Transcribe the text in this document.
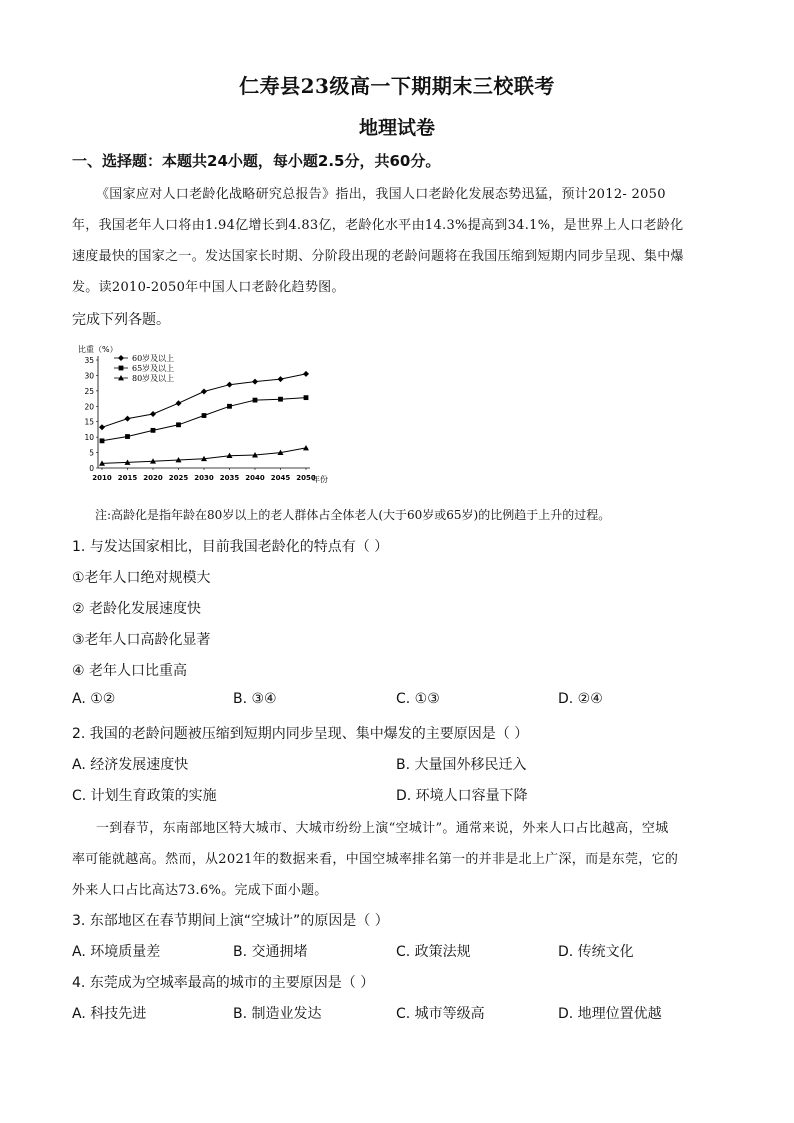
仁寿县23级高一下期期末三校联考
地理试卷
一、选择题：本题共24小题，每小题2.5分，共60分。
《国家应对人口老龄化战略研究总报告》指出，我国人口老龄化发展态势迅猛，预计2012- 2050
年，我国老年人口将由1.94亿增长到4.83亿，老龄化水平由14.3%提高到34.1%，是世界上人口老龄化
速度最快的国家之一。发达国家长时期、分阶段出现的老龄问题将在我国压缩到短期内同步呈现、集中爆
发。读2010-2050年中国人口老龄化趋势图。
完成下列各题。
比重（%）
年份
0
5
10
15
20
25
30
35
2010 2015 2020 2025 2030 2035 2040 2045 2050
60岁及以上
65岁及以上
80岁及以上
注:高龄化是指年龄在80岁以上的老人群体占全体老人(大于60岁或65岁)的比例趋于上升的过程。
1. 与发达国家相比，目前我国老龄化的特点有（ ）
①老年人口绝对规模大
② 老龄化发展速度快
③老年人口高龄化显著
④ 老年人口比重高
A. ①②	B. ③④	C. ①③	D. ②④
2. 我国的老龄问题被压缩到短期内同步呈现、集中爆发的主要原因是（ ）
A. 经济发展速度快	B. 大量国外移民迁入
C. 计划生育政策的实施	D. 环境人口容量下降
一到春节，东南部地区特大城市、大城市纷纷上演“空城计”。通常来说，外来人口占比越高，空城
率可能就越高。然而，从2021年的数据来看，中国空城率排名第一的并非是北上广深，而是东莞，它的
外来人口占比高达73.6%。完成下面小题。
3. 东部地区在春节期间上演“空城计”的原因是（ ）
A. 环境质量差	B. 交通拥堵	C. 政策法规	D. 传统文化
4. 东莞成为空城率最高的城市的主要原因是（ ）
A. 科技先进	B. 制造业发达	C. 城市等级高	D. 地理位置优越
